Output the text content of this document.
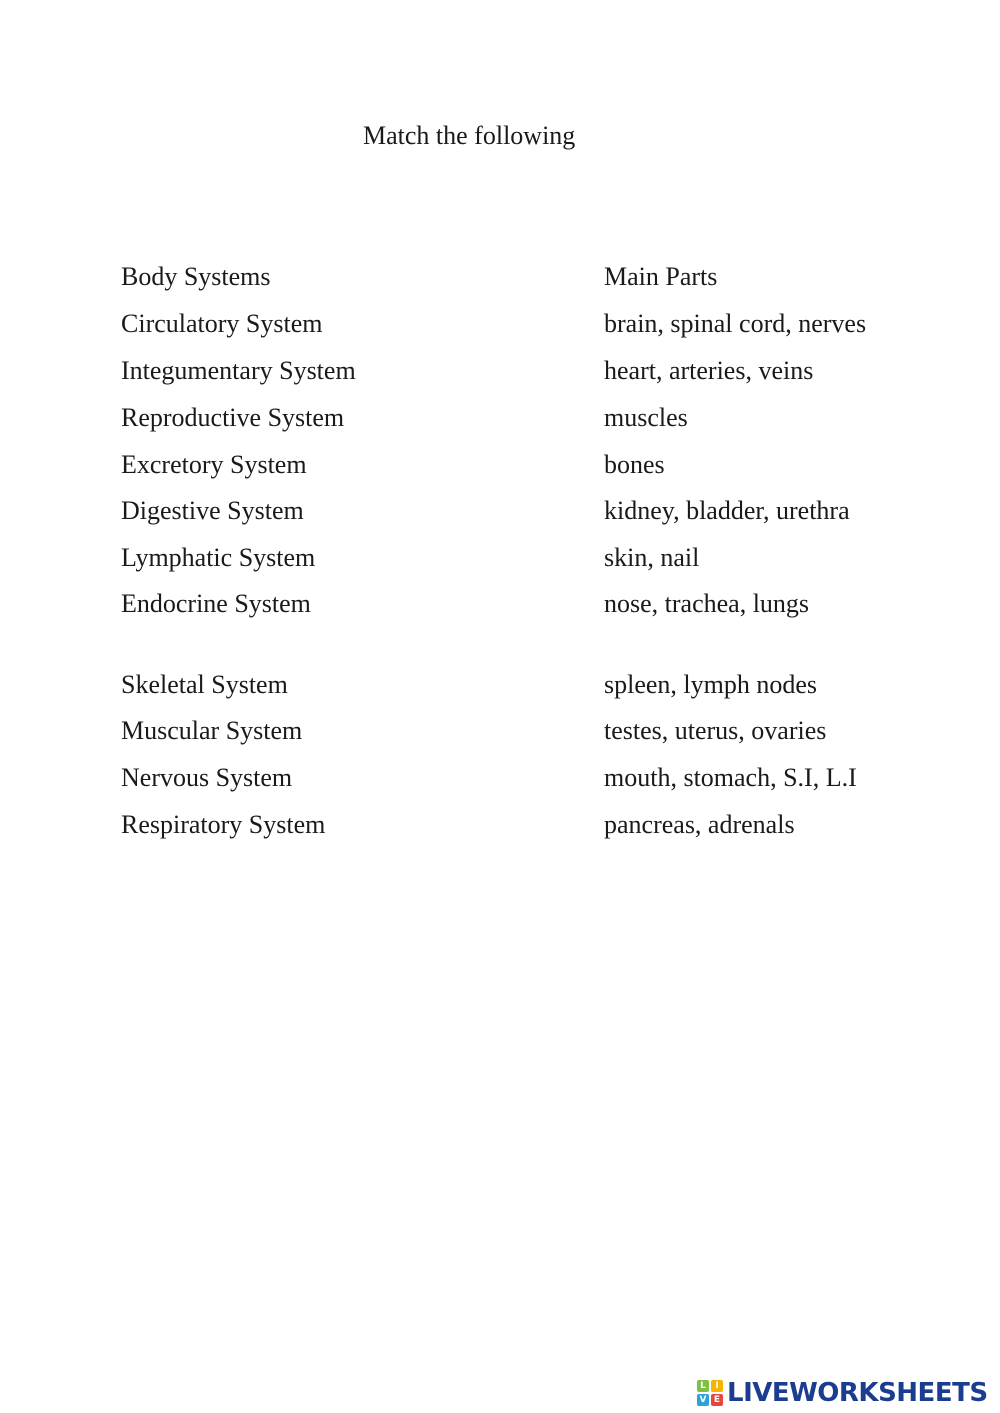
Match the following
Body Systems	Main Parts
Circulatory System
Integumentary System
Reproductive System
Excretory System
Digestive System
Lymphatic System
Endocrine System
Skeletal System
Muscular System
Nervous System
Respiratory System
brain, spinal cord, nerves
heart, arteries, veins
muscles
bones
kidney, bladder, urethra
skin, nail
nose, trachea, lungs
spleen, lymph nodes
testes, uterus, ovaries
mouth, stomach, S.I, L.I
pancreas, adrenals
L	I
V E LIVEWORKSHEETS
